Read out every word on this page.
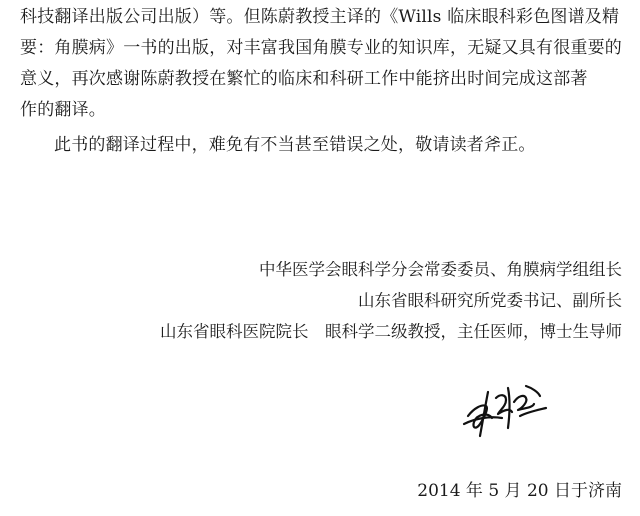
科技翻译出版公司出版）等。但陈蔚教授主译的《Wills 临床眼科彩色图谱及精
要：角膜病》一书的出版，对丰富我国角膜专业的知识库，无疑又具有很重要的
意义，再次感谢陈蔚教授在繁忙的临床和科研工作中能挤出时间完成这部著
作的翻译。

此书的翻译过程中，难免有不当甚至错误之处，敬请读者斧正。

中华医学会眼科学分会常委委员、角膜病学组组长
山东省眼科研究所党委书记、副所长
山东省眼科医院院长　眼科学二级教授，主任医师，博士生导师
2014 年 5 月 20 日于济南
